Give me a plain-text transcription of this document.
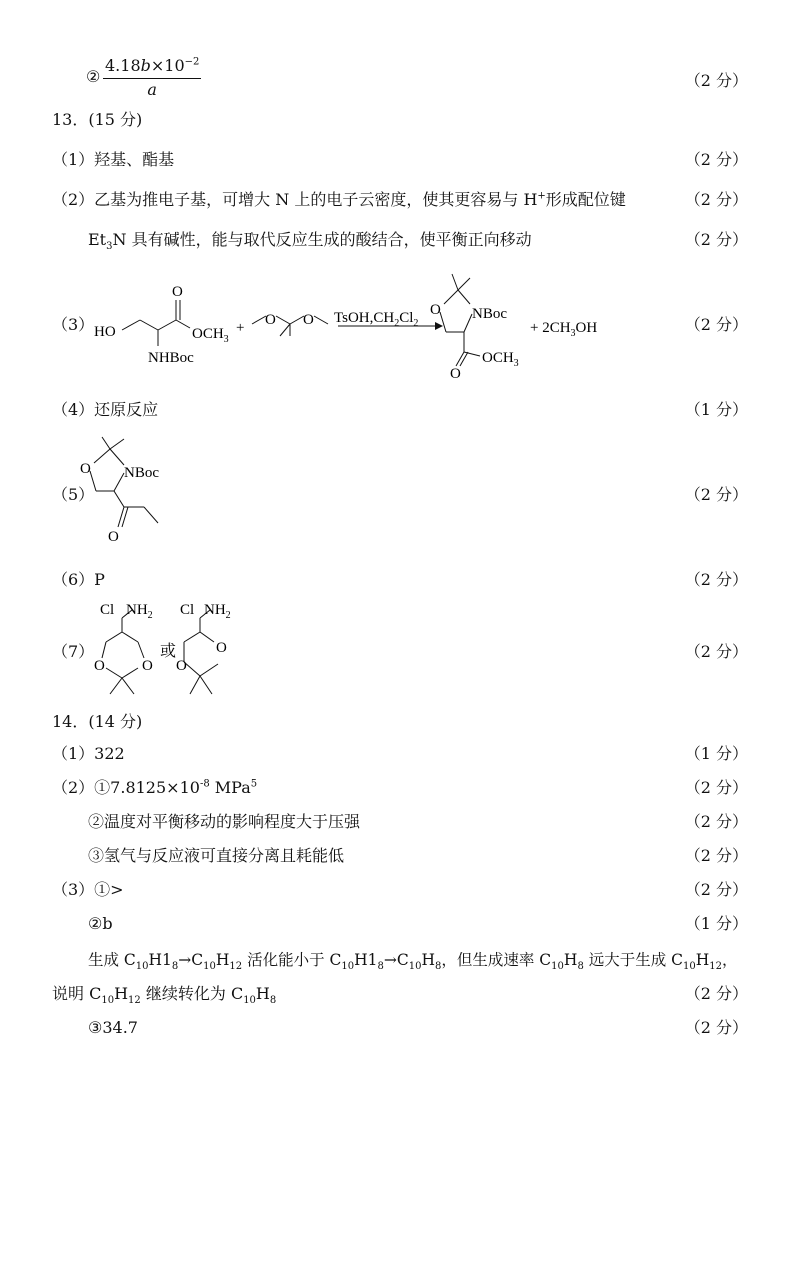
② $\frac{4.18b\times 10^{-2}}{a}$	（2 分）
13．(15 分)
（1）羟基、酯基	（2 分）
（2）乙基为推电子基，可增大 N 上的电子云密度，使其更容易与 H+形成配位键	（2 分）
$Et_3N$ 具有碱性，能与取代反应生成的酸结合，使平衡正向移动	（2 分）
（3）	（2 分）
HO
O
$OCH_3$
NHBoc
+ O O $TsOH,CH_2Cl_2$
O NBoc
O
$OCH_3$
+ $2CH_3OH$
（4）还原反应	（1 分）
（5）	（2 分）
O NBoc
O
（6）P	（2 分）
（7）	（2 分）
Cl $NH_2$
O O
或
Cl $NH_2$
O
O
14．(14 分)
（1）322	（1 分）
$(2)①7.8125\times 10^{-8}$ MPa$^5$	（2 分）
②温度对平衡移动的影响程度大于压强	（2 分）
③氢气与反应液可直接分离且耗能低	（2 分）
（3）①>	（2 分）
②b	（1 分）
生成 $C_{10}H1_8\to C_{10}H_{12}$ 活化能小于 $C_{10}H1_8\to C_{10}H_8$，但生成速率 $C_{10}H_8$ 远大于生成 $C_{10}H_{12}$，
说明 $C_{10}H_{12}$ 继续转化为 $C_{10}H_8$	（2 分）
③34.7	（2 分）
